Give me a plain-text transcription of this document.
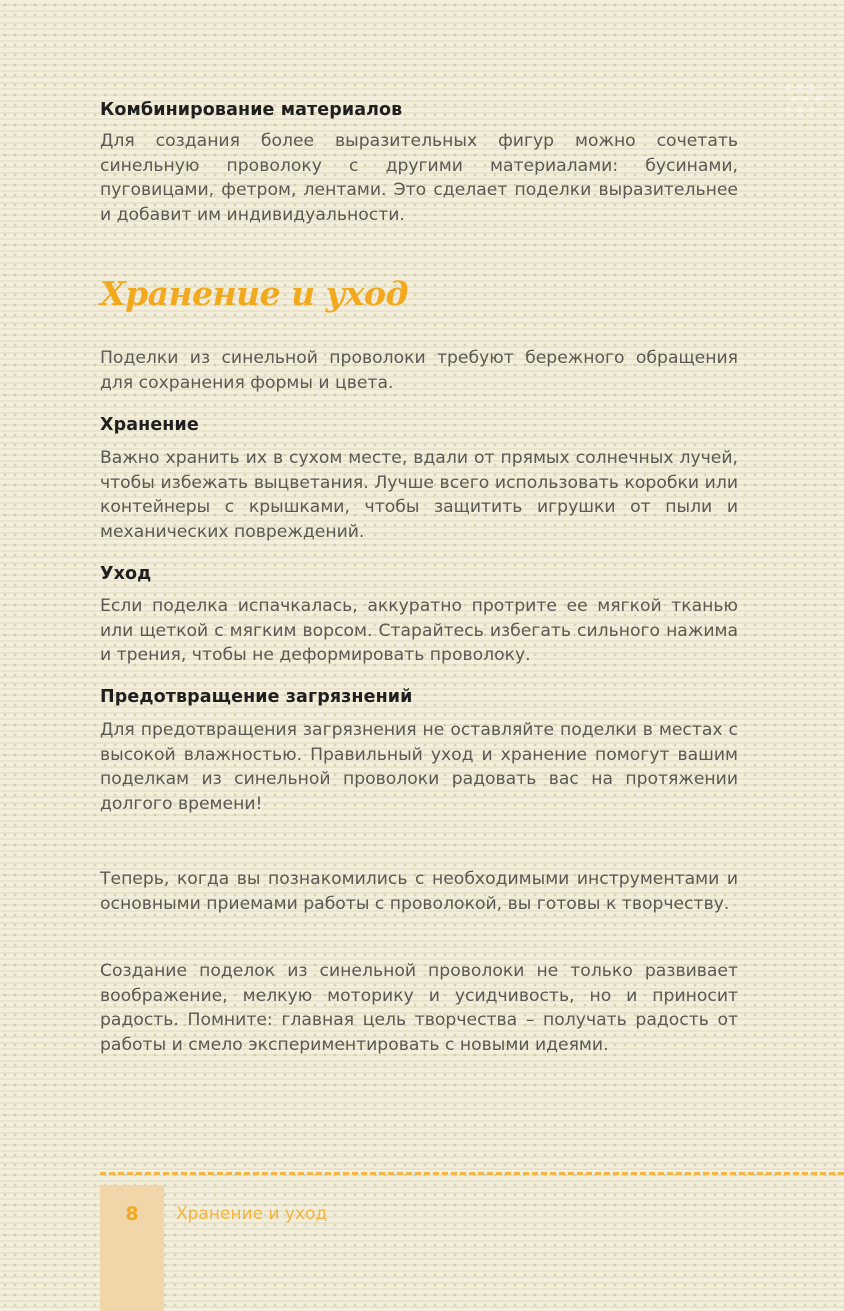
Комбинирование материалов

Для создания более выразительных фигур можно сочетать синельную проволоку с другими материалами: бусинами, пуговицами, фетром, лентами. Это сделает поделки выразительнее и добавит им индивидуальности.

Хранение и уход

Поделки из синельной проволоки требуют бережного обращения для сохранения формы и цвета.

Хранение

Важно хранить их в сухом месте, вдали от прямых солнечных лучей, чтобы избежать выцветания. Лучше всего использовать коробки или контейнеры с крышками, чтобы защитить игрушки от пыли и механических повреждений.

Уход

Если поделка испачкалась, аккуратно протрите ее мягкой тканью или щеткой с мягким ворсом. Старайтесь избегать сильного нажима и трения, чтобы не деформировать проволоку.

Предотвращение загрязнений

Для предотвращения загрязнения не оставляйте поделки в местах с высокой влажностью. Правильный уход и хранение помогут вашим поделкам из синельной проволоки радовать вас на протяжении долгого времени!

Теперь, когда вы познакомились с необходимыми инструментами и основными приемами работы с проволокой, вы готовы к творчеству.

Создание поделок из синельной проволоки не только развивает воображение, мелкую моторику и усидчивость, но и приносит радость. Помните: главная цель творчества – получать радость от работы и смело экспериментировать с новыми идеями.

8	Хранение и уход
